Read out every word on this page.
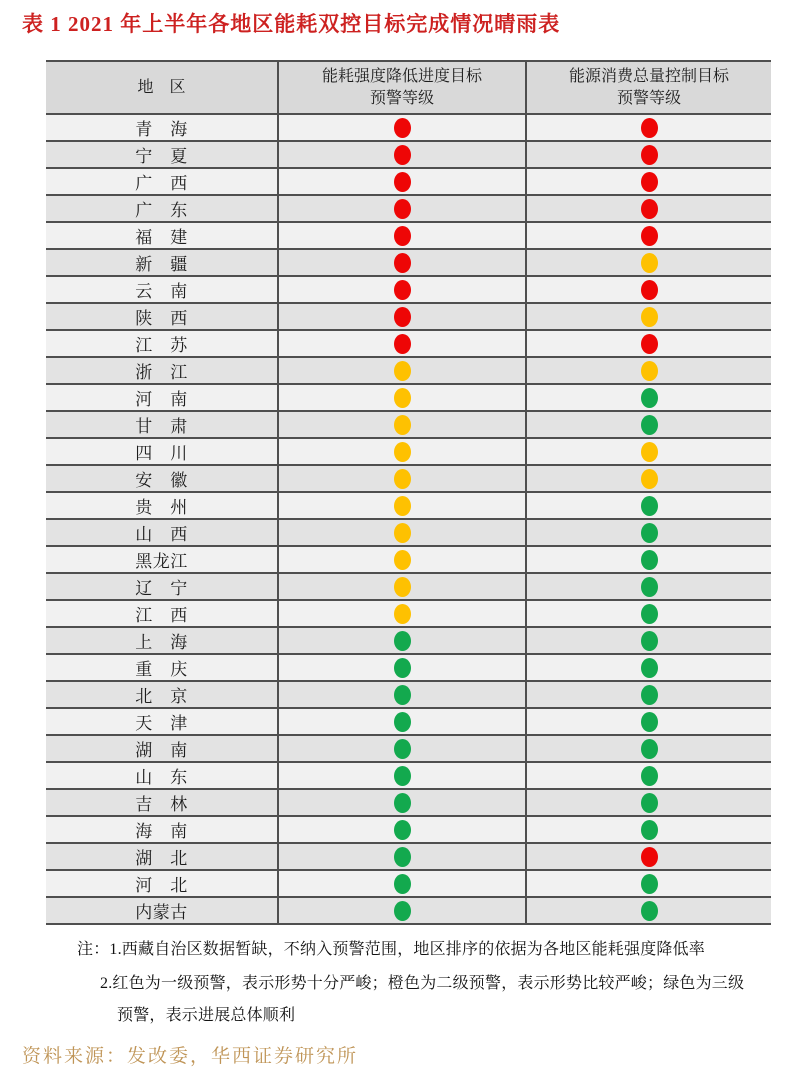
表 1 2021 年上半年各地区能耗双控目标完成情况晴雨表
地　区
能耗强度降低进度目标
预警等级
能源消费总量控制目标
预警等级
青　海
宁　夏
广　西
广　东
福　建
新　疆
云　南
陕　西
江　苏
浙　江
河　南
甘　肃
四　川
安　徽
贵　州
山　西
黑龙江
辽　宁
江　西
上　海
重　庆
北　京
天　津
湖　南
山　东
吉　林
海　南
湖　北
河　北
内蒙古
注：1.西藏自治区数据暂缺，不纳入预警范围，地区排序的依据为各地区能耗强度降低率
2.红色为一级预警，表示形势十分严峻；橙色为二级预警，表示形势比较严峻；绿色为三级
预警，表示进展总体顺利
资料来源：发改委，华西证券研究所
